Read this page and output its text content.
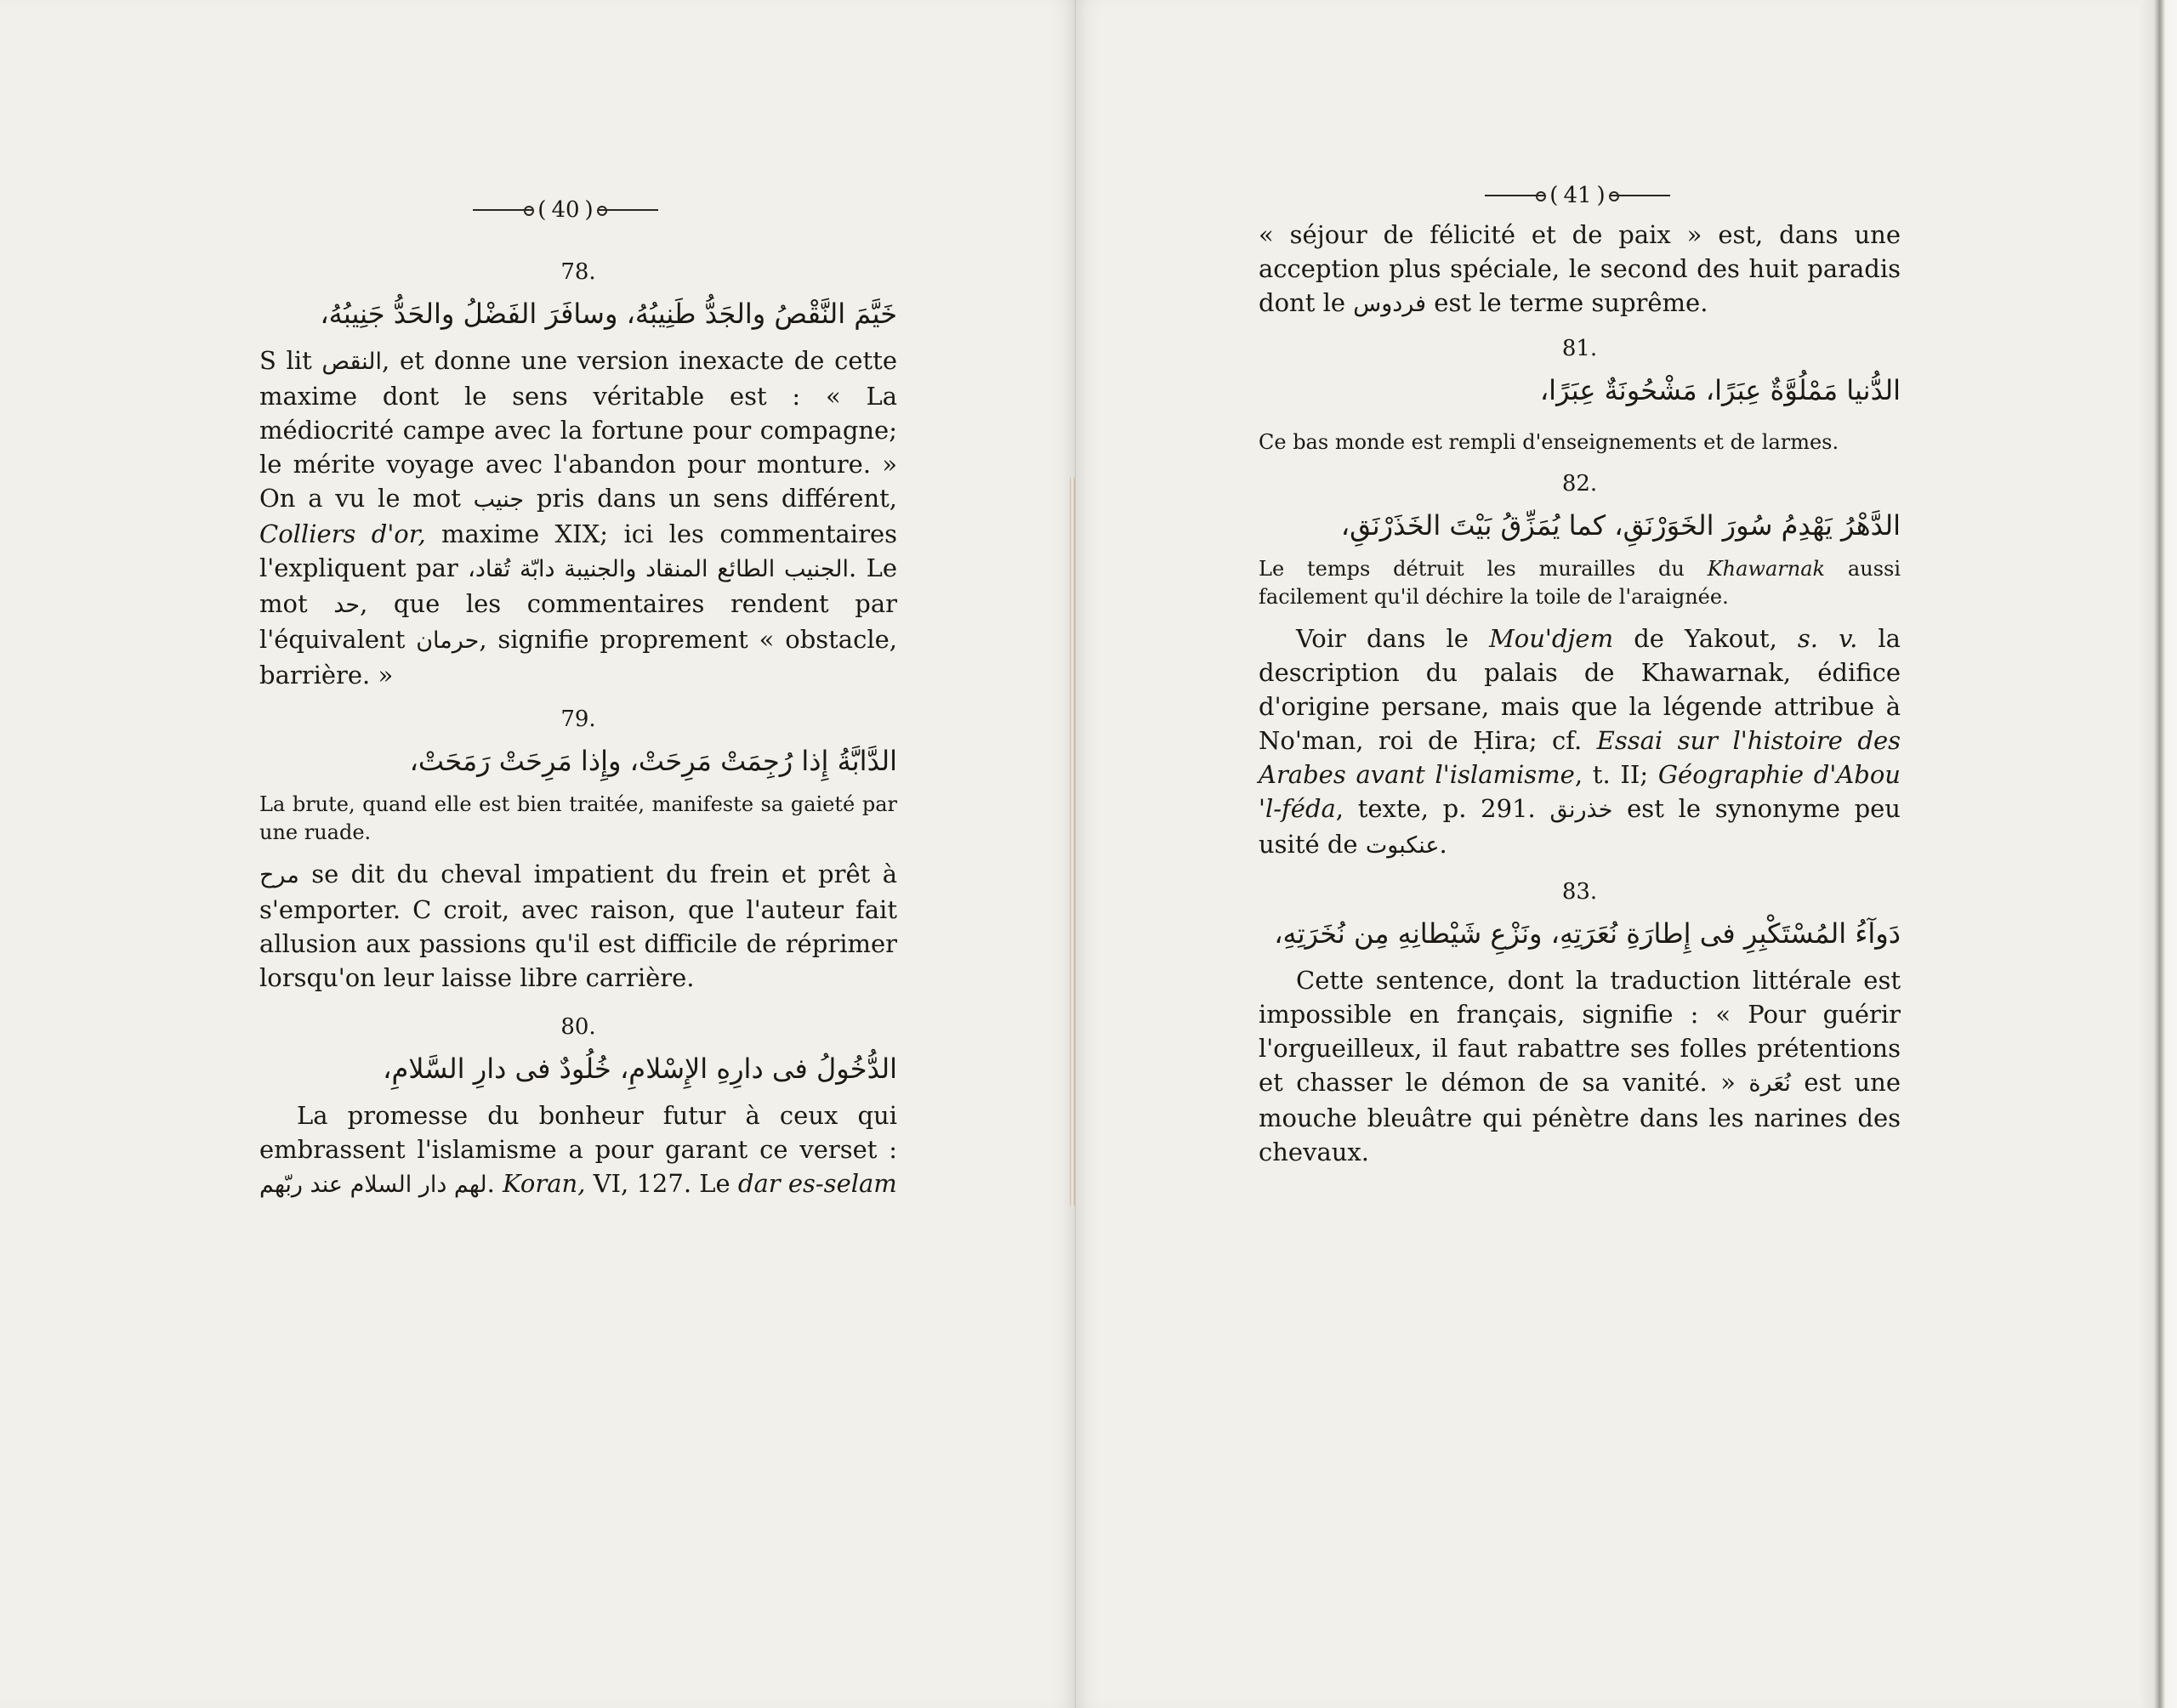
( 40 )
78.
خَيَّمَ النَّقْصُ والجَدُّ طَنِيبُهُ، وسافَرَ الفَضْلُ والحَدُّ جَنِيبُهُ،

S lit النقص, et donne une version inexacte de cette maxime dont le sens véritable est : « La médiocrité campe avec la fortune pour compagne; le mérite voyage avec l'abandon pour monture. » On a vu le mot جنيب pris dans un sens différent, Colliers d'or, maxime XIX; ici les commentaires l'expliquent par الجنيب الطائع المنقاد والجنيبة دابّة تُقاد،. Le mot حد, que les commentaires rendent par l'équivalent حرمان, signifie proprement « obstacle, barrière. »

79.
الدَّابَّةُ إِذا رُجِمَتْ مَرِحَتْ، وإِذا مَرِحَتْ رَمَحَتْ،

La brute, quand elle est bien traitée, manifeste sa gaieté par une ruade.

مرح se dit du cheval impatient du frein et prêt à s'emporter. C croit, avec raison, que l'auteur fait allusion aux passions qu'il est difficile de réprimer lorsqu'on leur laisse libre carrière.

80.
الدُّخُولُ فى دارِهِ الإِسْلامِ، خُلُودٌ فى دارِ السَّلامِ،

La promesse du bonheur futur à ceux qui embrassent l'islamisme a pour garant ce verset : لهم دار السلام عند ربّهم. Koran, VI, 127. Le dar es-selam

( 41 )

« séjour de félicité et de paix » est, dans une acception plus spéciale, le second des huit paradis dont le فردوس est le terme suprême.

81.
الدُّنيا مَمْلُوَّةٌ عِبَرًا، مَشْحُونَةٌ عِبَرًا،

Ce bas monde est rempli d'enseignements et de larmes.

82.
الدَّهْرُ يَهْدِمُ سُورَ الخَوَرْنَقِ، كما يُمَزِّقُ بَيْتَ الخَذَرْنَقِ،

Le temps détruit les murailles du Khawarnak aussi facilement qu'il déchire la toile de l'araignée.

Voir dans le Mou'djem de Yakout, s. v. la description du palais de Khawarnak, édifice d'origine persane, mais que la légende attribue à No'man, roi de Ḥira; cf. Essai sur l'histoire des Arabes avant l'islamisme, t. II; Géographie d'Abou 'l-féda, texte, p. 291. خذرنق est le synonyme peu usité de عنكبوت.

83.
دَوآءُ المُسْتَكْبِرِ فى إِطارَةِ نُعَرَتِهِ، ونَزْعِ شَيْطانِهِ مِن نُخَرَتِهِ،

Cette sentence, dont la traduction littérale est impossible en français, signifie : « Pour guérir l'orgueilleux, il faut rabattre ses folles prétentions et chasser le démon de sa vanité. » نُعَرة est une mouche bleuâtre qui pénètre dans les narines des chevaux.
